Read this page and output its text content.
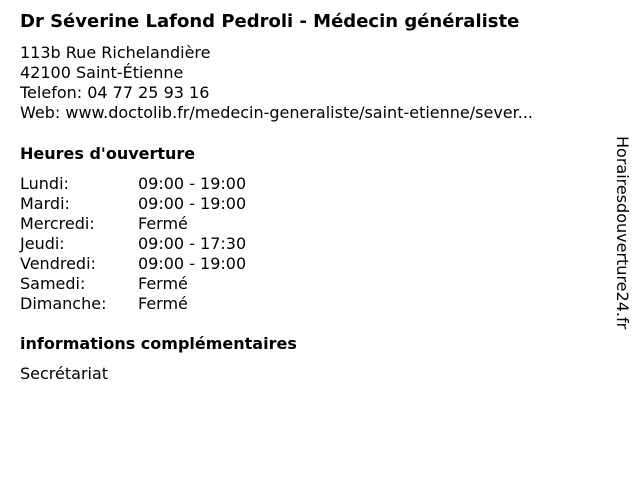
Dr Séverine Lafond Pedroli - Médecin généraliste
113b Rue Richelandière
42100 Saint-Étienne
Telefon: 04 77 25 93 16
Web: www.doctolib.fr/medecin-generaliste/saint-etienne/sever...
Heures d'ouverture
Lundi:	09:00 - 19:00
Mardi:	09:00 - 19:00
Mercredi:	Fermé
Jeudi:	09:00 - 17:30
Vendredi:	09:00 - 19:00
Samedi:	Fermé
Dimanche: Fermé
informations complémentaires
Secrétariat
Horairesdouverture24.fr
